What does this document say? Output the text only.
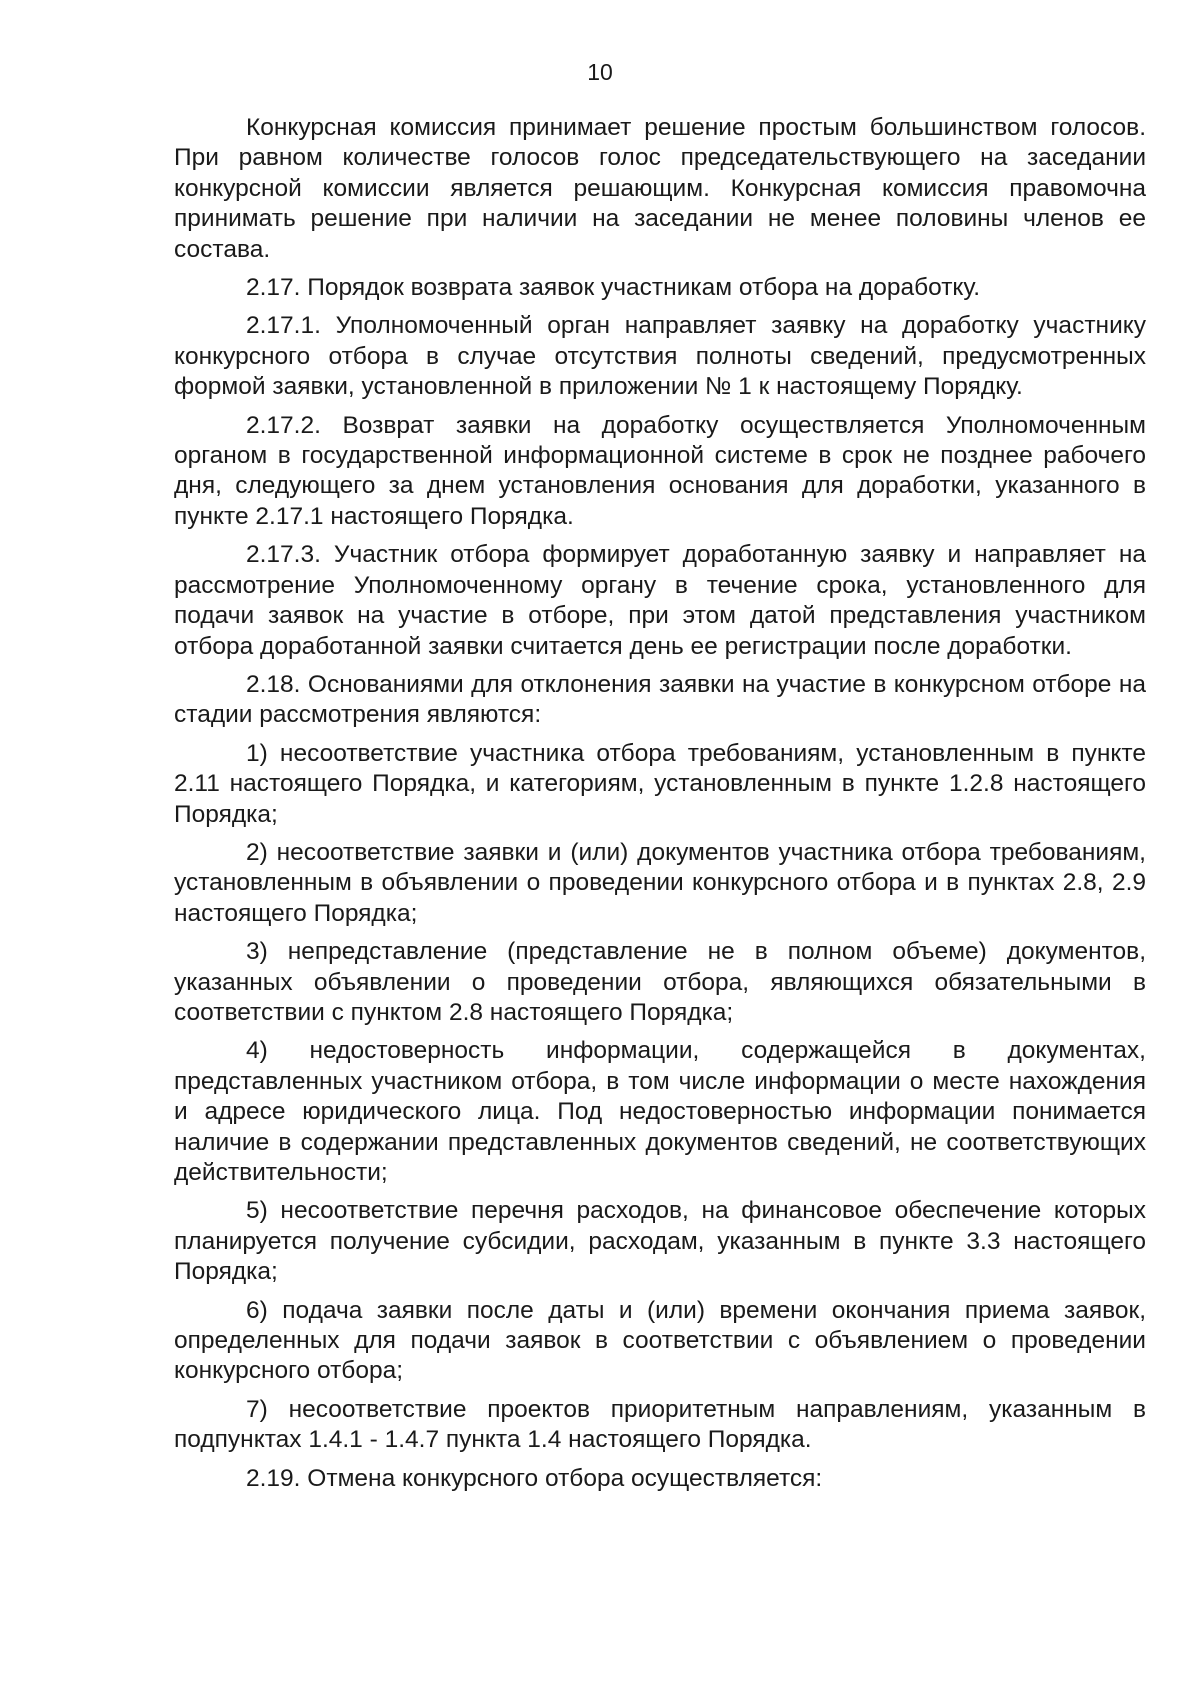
10

Конкурсная комиссия принимает решение простым большинством голосов. При равном количестве голосов голос председательствующего на заседании конкурсной комиссии является решающим. Конкурсная комиссия правомочна принимать решение при наличии на заседании не менее половины членов ее состава.

2.17. Порядок возврата заявок участникам отбора на доработку.

2.17.1. Уполномоченный орган направляет заявку на доработку участнику конкурсного отбора в случае отсутствия полноты сведений, предусмотренных формой заявки, установленной в приложении № 1 к настоящему Порядку.

2.17.2. Возврат заявки на доработку осуществляется Уполномоченным органом в государственной информационной системе в срок не позднее рабочего дня, следующего за днем установления основания для доработки, указанного в пункте 2.17.1 настоящего Порядка.

2.17.3. Участник отбора формирует доработанную заявку и направляет на рассмотрение Уполномоченному органу в течение срока, установленного для подачи заявок на участие в отборе, при этом датой представления участником отбора доработанной заявки считается день ее регистрации после доработки.

2.18. Основаниями для отклонения заявки на участие в конкурсном отборе на стадии рассмотрения являются:

1) несоответствие участника отбора требованиям, установленным в пункте 2.11 настоящего Порядка, и категориям, установленным в пункте 1.2.8 настоящего Порядка;

2) несоответствие заявки и (или) документов участника отбора требованиям, установленным в объявлении о проведении конкурсного отбора и в пунктах 2.8, 2.9 настоящего Порядка;

3) непредставление (представление не в полном объеме) документов, указанных объявлении о проведении отбора, являющихся обязательными в соответствии с пунктом 2.8 настоящего Порядка;

4) недостоверность информации, содержащейся в документах, представленных участником отбора, в том числе информации о месте нахождения и адресе юридического лица. Под недостоверностью информации понимается наличие в содержании представленных документов сведений, не соответствующих действительности;

5) несоответствие перечня расходов, на финансовое обеспечение которых планируется получение субсидии, расходам, указанным в пункте 3.3 настоящего Порядка;

6) подача заявки после даты и (или) времени окончания приема заявок, определенных для подачи заявок в соответствии с объявлением о проведении конкурсного отбора;

7) несоответствие проектов приоритетным направлениям, указанным в подпунктах 1.4.1 - 1.4.7 пункта 1.4 настоящего Порядка.

2.19. Отмена конкурсного отбора осуществляется:
